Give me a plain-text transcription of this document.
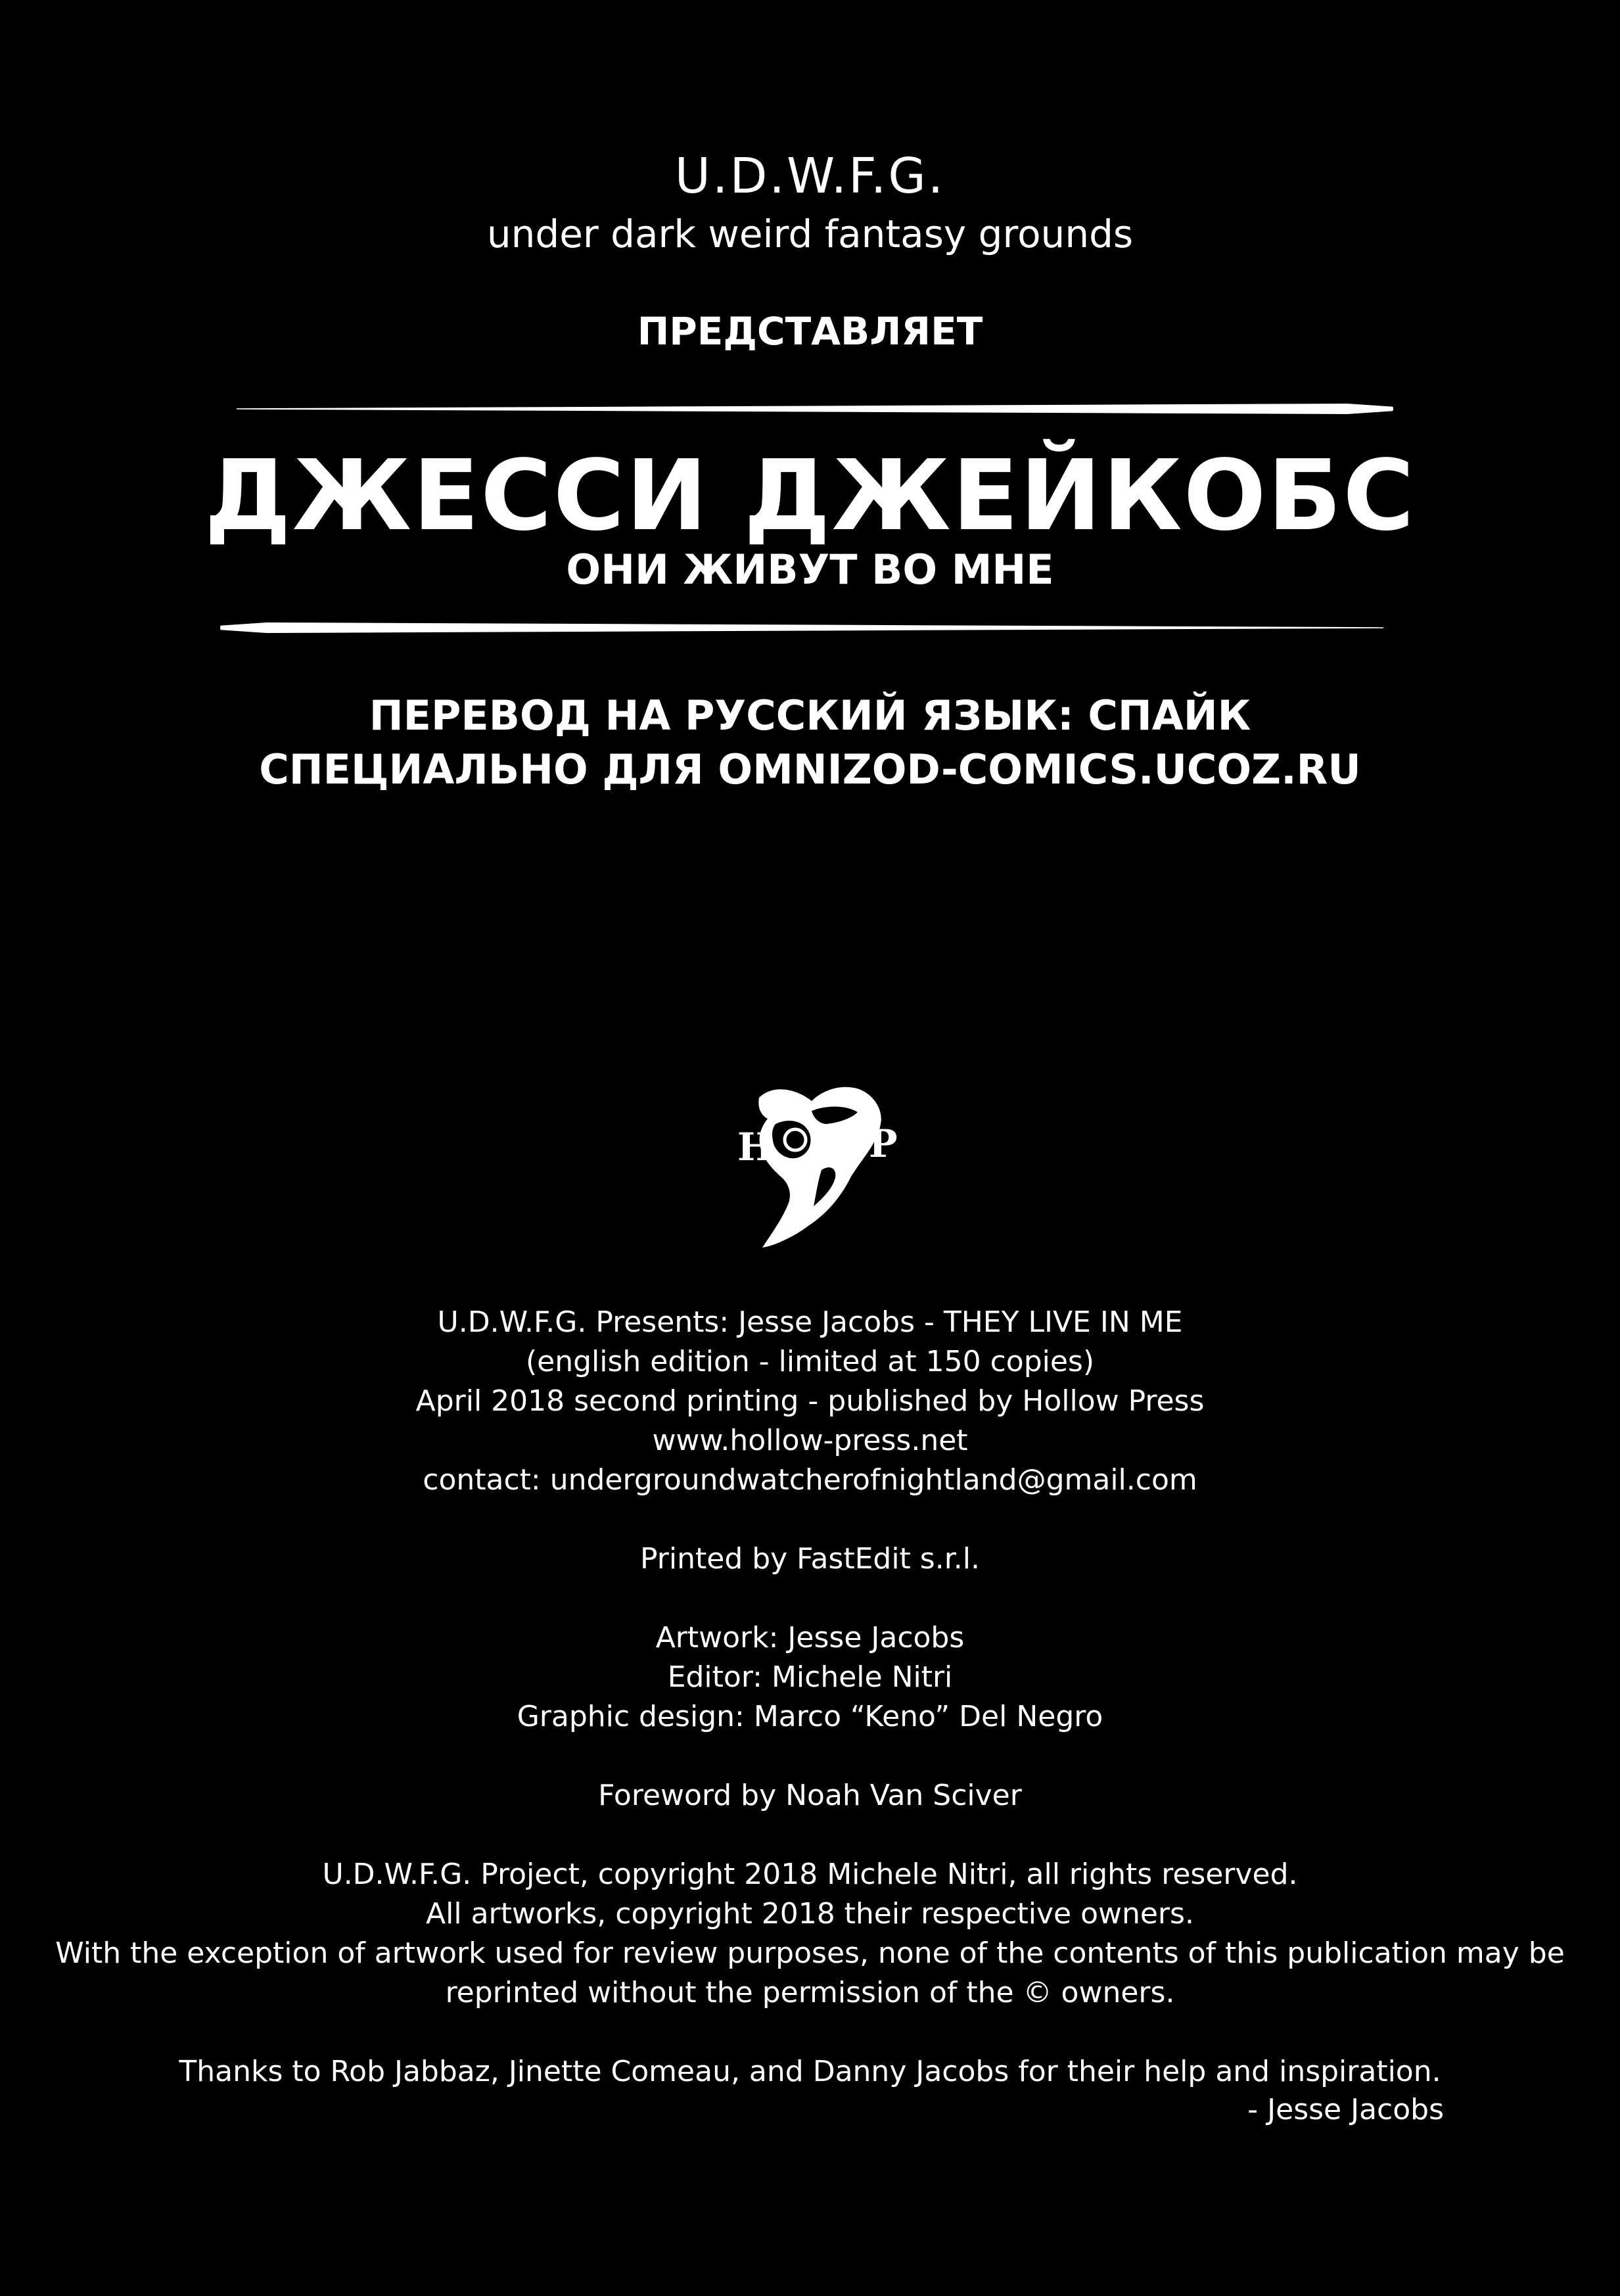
U.D.W.F.G.
under dark weird fantasy grounds
ПРЕДСТАВЛЯЕТ
ДЖЕССИ ДЖЕЙКОБС
ОНИ ЖИВУТ ВО МНЕ
ПЕРЕВОД НА РУССКИЙ ЯЗЫК: СПАЙК
СПЕЦИАЛЬНО ДЛЯ OMNIZOD-COMICS.UCOZ.RU
H	P
U.D.W.F.G. Presents: Jesse Jacobs - THEY LIVE IN ME
(english edition - limited at 150 copies)
April 2018 second printing - published by Hollow Press
www.hollow-press.net
contact: undergroundwatcherofnightland@gmail.com
Printed by FastEdit s.r.l.
Artwork: Jesse Jacobs
Editor: Michele Nitri
Graphic design: Marco “Keno” Del Negro
Foreword by Noah Van Sciver
U.D.W.F.G. Project, copyright 2018 Michele Nitri, all rights reserved.
All artworks, copyright 2018 their respective owners.
With the exception of artwork used for review purposes, none of the contents of this publication may be
reprinted without the permission of the © owners.
Thanks to Rob Jabbaz, Jinette Comeau, and Danny Jacobs for their help and inspiration.
- Jesse Jacobs
